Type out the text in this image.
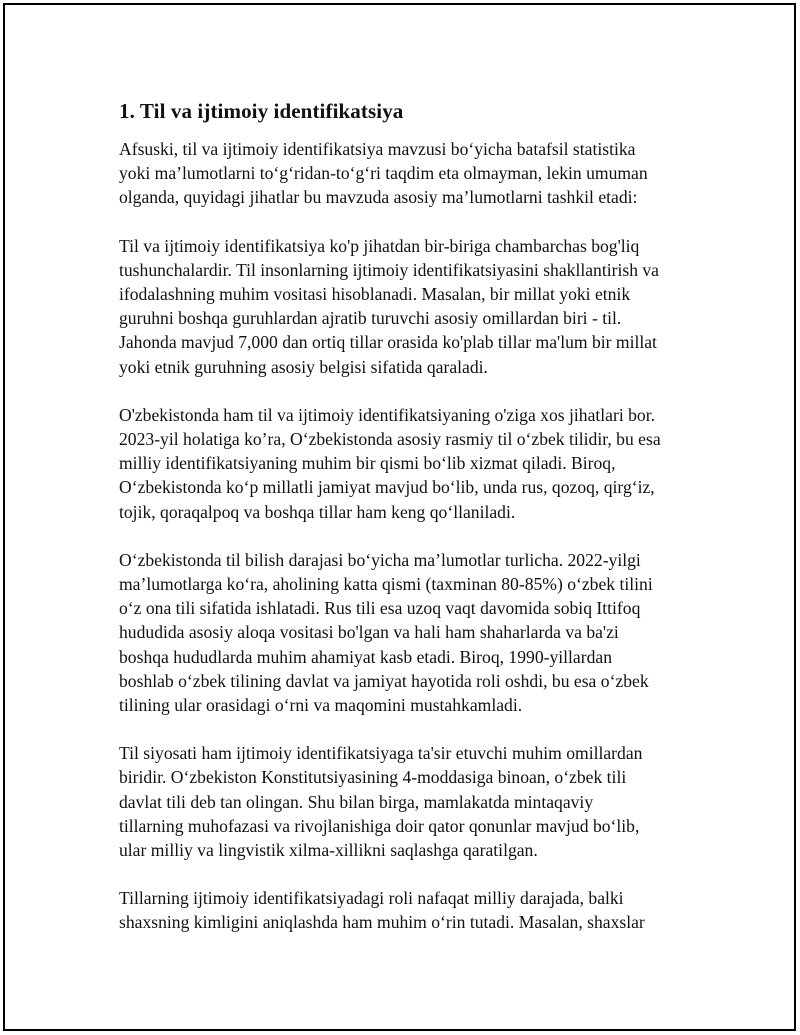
1. Til va ijtimoiy identifikatsiya

Afsuski, til va ijtimoiy identifikatsiya mavzusi boʻyicha batafsil statistika
yoki maʼlumotlarni toʻgʻridan-toʻgʻri taqdim eta olmayman, lekin umuman
olganda, quyidagi jihatlar bu mavzuda asosiy maʼlumotlarni tashkil etadi:

Til va ijtimoiy identifikatsiya ko'p jihatdan bir-biriga chambarchas bog'liq
tushunchalardir. Til insonlarning ijtimoiy identifikatsiyasini shakllantirish va
ifodalashning muhim vositasi hisoblanadi. Masalan, bir millat yoki etnik
guruhni boshqa guruhlardan ajratib turuvchi asosiy omillardan biri - til.
Jahonda mavjud 7,000 dan ortiq tillar orasida ko'plab tillar ma'lum bir millat
yoki etnik guruhning asosiy belgisi sifatida qaraladi.

O'zbekistonda ham til va ijtimoiy identifikatsiyaning o'ziga xos jihatlari bor.
2023-yil holatiga ko’ra, Oʻzbekistonda asosiy rasmiy til oʻzbek tilidir, bu esa
milliy identifikatsiyaning muhim bir qismi boʻlib xizmat qiladi. Biroq,
Oʻzbekistonda koʻp millatli jamiyat mavjud boʻlib, unda rus, qozoq, qirgʻiz,
tojik, qoraqalpoq va boshqa tillar ham keng qoʻllaniladi.

Oʻzbekistonda til bilish darajasi boʻyicha maʼlumotlar turlicha. 2022-yilgi
maʼlumotlarga koʻra, aholining katta qismi (taxminan 80-85%) oʻzbek tilini
oʻz ona tili sifatida ishlatadi. Rus tili esa uzoq vaqt davomida sobiq Ittifoq
hududida asosiy aloqa vositasi bo'lgan va hali ham shaharlarda va ba'zi
boshqa hududlarda muhim ahamiyat kasb etadi. Biroq, 1990-yillardan
boshlab oʻzbek tilining davlat va jamiyat hayotida roli oshdi, bu esa oʻzbek
tilining ular orasidagi oʻrni va maqomini mustahkamladi.

Til siyosati ham ijtimoiy identifikatsiyaga ta'sir etuvchi muhim omillardan
biridir. Oʻzbekiston Konstitutsiyasining 4-moddasiga binoan, oʻzbek tili
davlat tili deb tan olingan. Shu bilan birga, mamlakatda mintaqaviy
tillarning muhofazasi va rivojlanishiga doir qator qonunlar mavjud boʻlib,
ular milliy va lingvistik xilma-xillikni saqlashga qaratilgan.

Tillarning ijtimoiy identifikatsiyadagi roli nafaqat milliy darajada, balki
shaxsning kimligini aniqlashda ham muhim oʻrin tutadi. Masalan, shaxslar
